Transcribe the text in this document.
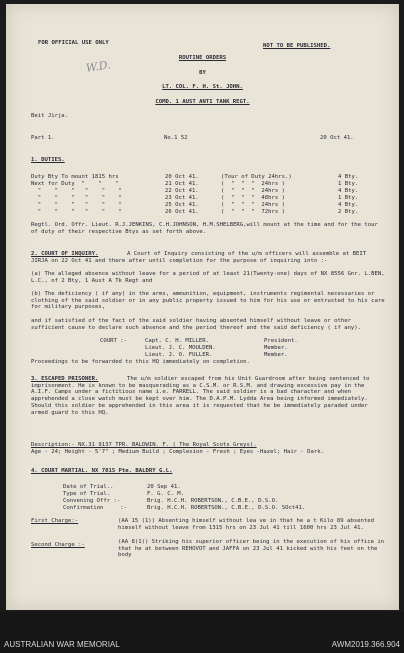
FOR OFFICIAL USE ONLY	NOT TO BE PUBLISHED.
W.D.
ROUTINE ORDERS
BY
LT. COL. F. H. St. JOHN.
COMD. 1 AUST ANTI TANK REGT.
Beit Jirja.
Part 1.	No.1 52	20 Oct 41.
1. DUTIES.
Duty Bty To mount 1815 hrs	20 Oct 41.	(Tour of Duty 24hrs.)	4 Bty.
Next for Duty  "    "    "	21 Oct 41.	(  "  "  "  24hrs )	1 Bty.
"    "    "   "    "    "	22 Oct 41.	(  "  "  "  24hrs )	4 Bty.
"    "    "   "    "    "	23 Oct 41.	(  "  "  "  48hrs )	1 Bty.
"    "    "   "    "    "	25 Oct 41.	(  "  "  "  24hrs )	4 Bty.
"    "    "   "    "    "	26 Oct 41.	(  "  "  "  72hrs )	2 Bty.
Regtl. Ord. Offr. Lieut. R.J.JENKINS, C.H.JOHNSON, H.M.SHELBERG,will mount at the time and for the tour of duty of their respective Btys as set forth above.
2. COURT OF INQUIRY.	A Court of Inquiry consisting of the u/m officers will assemble at BEIT JIRJA on 22 Oct 41 and there after until completion for the purpose of inquiring into :-
(a) The alleged absence without leave for a period of at least 21(Twenty-one) days of NX 8556 Gnr. L.BEN, L.C., of 2 Bty, 1 Aust A Tk Regt and
(b) The deficiency ( if any) in the arms, ammunition, equipment, instruments regimental necessaries or clothing of the said soldier or in any public property issued to him for his use or entrusted to his care for military purposes,
and if satisfied of the fact of the said soldier having absented himself without leave or other sufficient cause to declare such absence and the period thereof and the said deficiency ( if any).
COURT :-	Capt. C. H. MILLER.	President.
Lieut. J. C. MOULDEN.	Member.
Lieut. J. O. FULLER.	Member.
Proceedings to be forwarded to this HQ immediately on completion.
3. ESCAPED PRISONER.	The u/m soldier escaped from his Unit Guardroom after being sentenced to imprisonment. He is known to be masquerading as a C.S.M. or R.S.M. and drawing excessive pay in the A.I.F. Camps under a fictitious name i.e. FARRELL. The said soldier is a bad character and when apprehended a close watch must be kept over him. The D.A.P.M. Lydda Area being informed immediately. Should this soldier be apprehended in this area it is requested that he be immediately paraded under armed guard to this HQ.
Description:- NX.31 9137 TPR. BALDWIN. F. ( The Royal Scots Greys).
Age - 24; Height - 5'7" ; Medium Build ; Complexion - Fresh ; Eyes -Hazel; Hair - Dark.
4. COURT MARTIAL. NX 7815 Pte. BALDRY G.L.
Date of Trial..	20 Sep 41.
Type of Trial.	F. G. C. M.
Convening Offr :-	Brig. H.C.H. ROBERTSON., C.B.E., D.S.O.
Confirmation     :-	Brig. H.C.H. ROBERTSON., C.B.E., D.S.O. SOct41.
First Charge:-	(AA 15 (1)) Absenting himself without lea ve in that he a t Kilo 89 absented himself without leave from 1315 hrs on 23 Jul 41 till 1600 hrs 23 Jul 41.
Second Charge :-	(AA 8(1)) Striking his superior officer being in the execution of his office in that he at between REHOVOT and JAFFA on 23 Jul 41 kicked with his feet on the body
AUSTRALIAN WAR MEMORIAL	AWM2019.366.904
